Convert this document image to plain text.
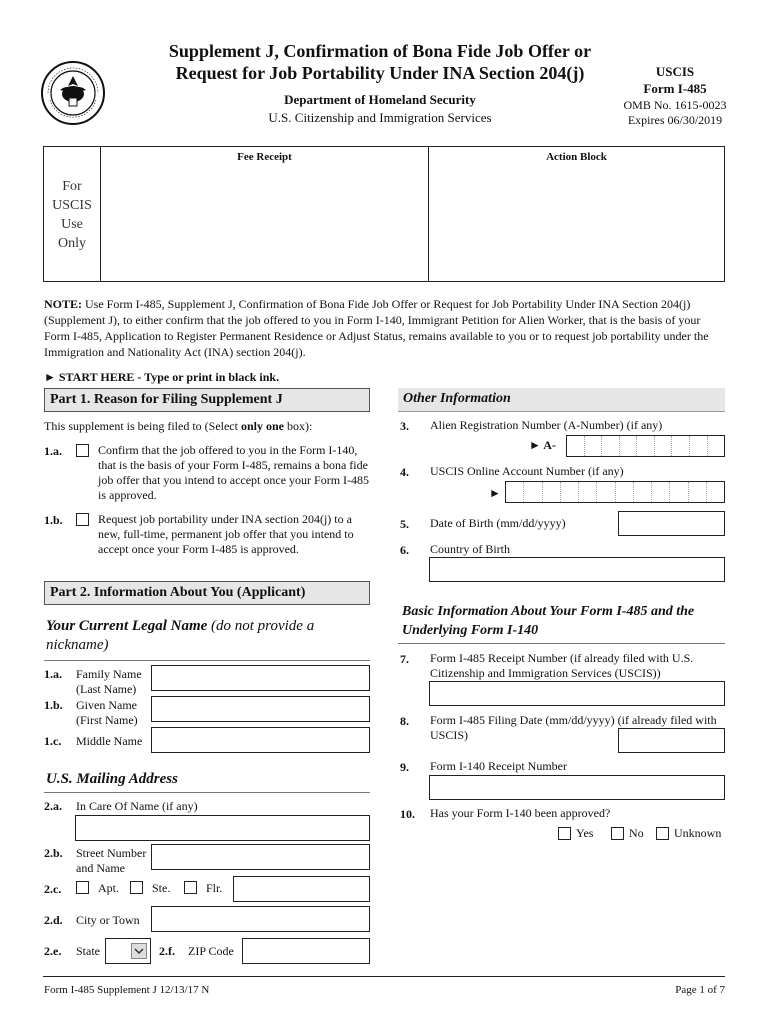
Supplement J, Confirmation of Bona Fide Job Offer or
Request for Job Portability Under INA Section 204(j)
Department of Homeland Security
U.S. Citizenship and Immigration Services
USCIS
Form I-485
OMB No. 1615-0023
Expires 06/30/2019
For
USCIS
Use
Only
Fee Receipt	Action Block
NOTE: Use Form I-485, Supplement J, Confirmation of Bona Fide Job Offer or Request for Job Portability Under INA Section 204(j) (Supplement J), to either confirm that the job offered to you in Form I-140, Immigrant Petition for Alien Worker, that is the basis of your Form I-485, Application to Register Permanent Residence or Adjust Status, remains available to you or to request job portability under the Immigration and Nationality Act (INA) section 204(j).
► START HERE - Type or print in black ink.
Part 1. Reason for Filing Supplement J
This supplement is being filed to (Select only one box):
1.a.	Confirm that the job offered to you in the Form I-140, that is the basis of your Form I-485, remains a bona fide job offer that you intend to accept once your Form I-485 is approved.
1.b.	Request job portability under INA section 204(j) to a new, full-time, permanent job offer that you intend to accept once your Form I-485 is approved.
Part 2. Information About You (Applicant)
Your Current Legal Name (do not provide a nickname)
1.a. Family Name
(Last Name)
1.b. Given Name
(First Name)
1.c. Middle Name
U.S. Mailing Address
2.a. In Care Of Name (if any)
2.b. Street Number
and Name
2.c.	Apt.	Ste.	Flr.
2.d. City or Town
2.e. State	2.f. ZIP Code
Other Information
3. Alien Registration Number (A-Number) (if any)
► A-
4. USCIS Online Account Number (if any)
►
5. Date of Birth (mm/dd/yyyy)
6. Country of Birth
Basic Information About Your Form I-485 and the
Underlying Form I-140
7. Form I-485 Receipt Number (if already filed with U.S. Citizenship and Immigration Services (USCIS))
8. Form I-485 Filing Date (mm/dd/yyyy) (if already filed with USCIS)
9. Form I-140 Receipt Number
10. Has your Form I-140 been approved?
Yes	No	Unknown
Form I-485 Supplement J 12/13/17 N	Page 1 of 7
